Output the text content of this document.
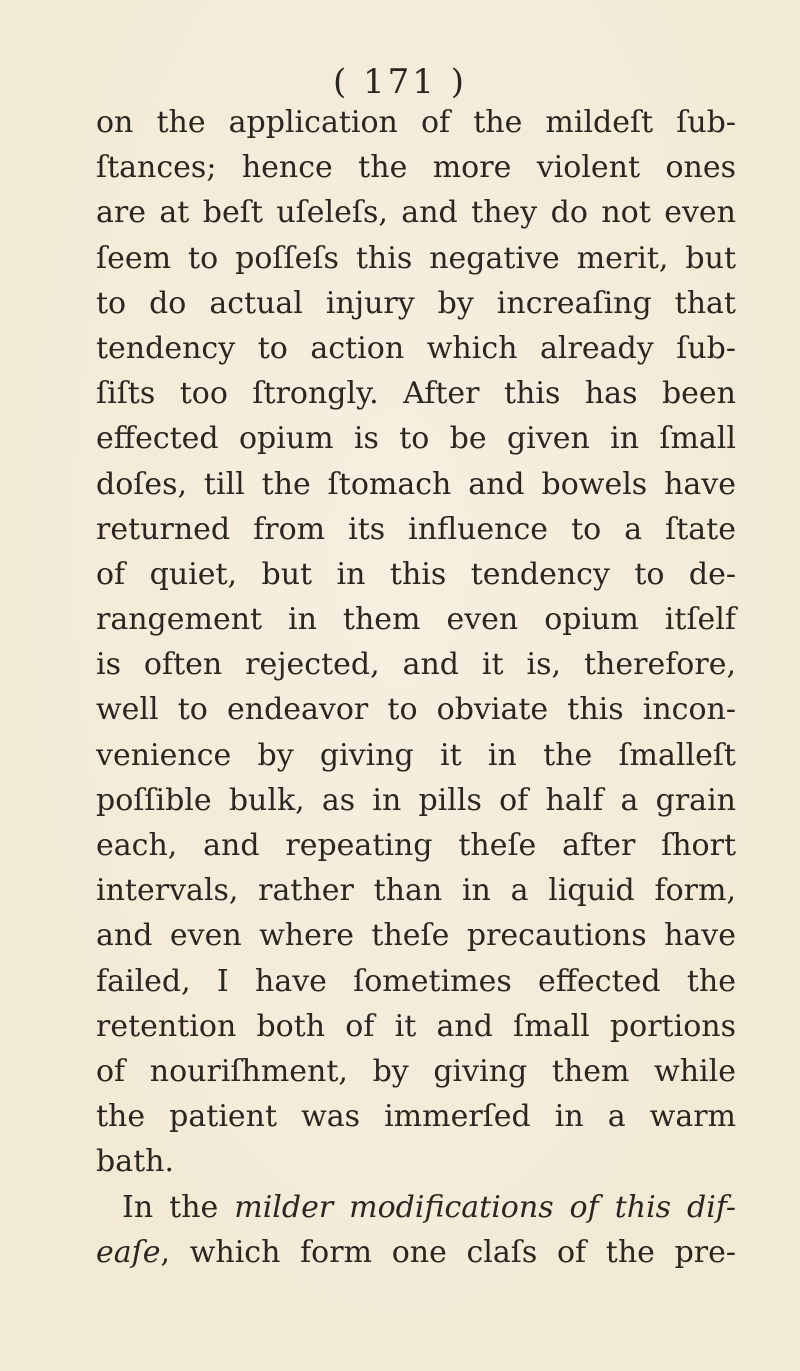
( 171 )
on the application of the mildeſt ſub-
ſtances; hence the more violent ones
are at beſt uſeleſs, and they do not even
ſeem to poſſeſs this negative merit, but
to do actual injury by increaſing that
tendency to action which already ſub-
ſiſts too ſtrongly. After this has been
effected opium is to be given in ſmall
doſes, till the ſtomach and bowels have
returned from its influence to a ſtate
of quiet, but in this tendency to de-
rangement in them even opium itſelf
is often rejected, and it is, therefore,
well to endeavor to obviate this incon-
venience by giving it in the ſmalleſt
poſſible bulk, as in pills of half a grain
each, and repeating theſe after ſhort
intervals, rather than in a liquid form,
and even where theſe precautions have
failed, I have ſometimes effected the
retention both of it and ſmall portions
of nouriſhment, by giving them while
the patient was immerſed in a warm
bath.
In the milder modifications of this dif-
eaſe, which form one claſs of the pre-
